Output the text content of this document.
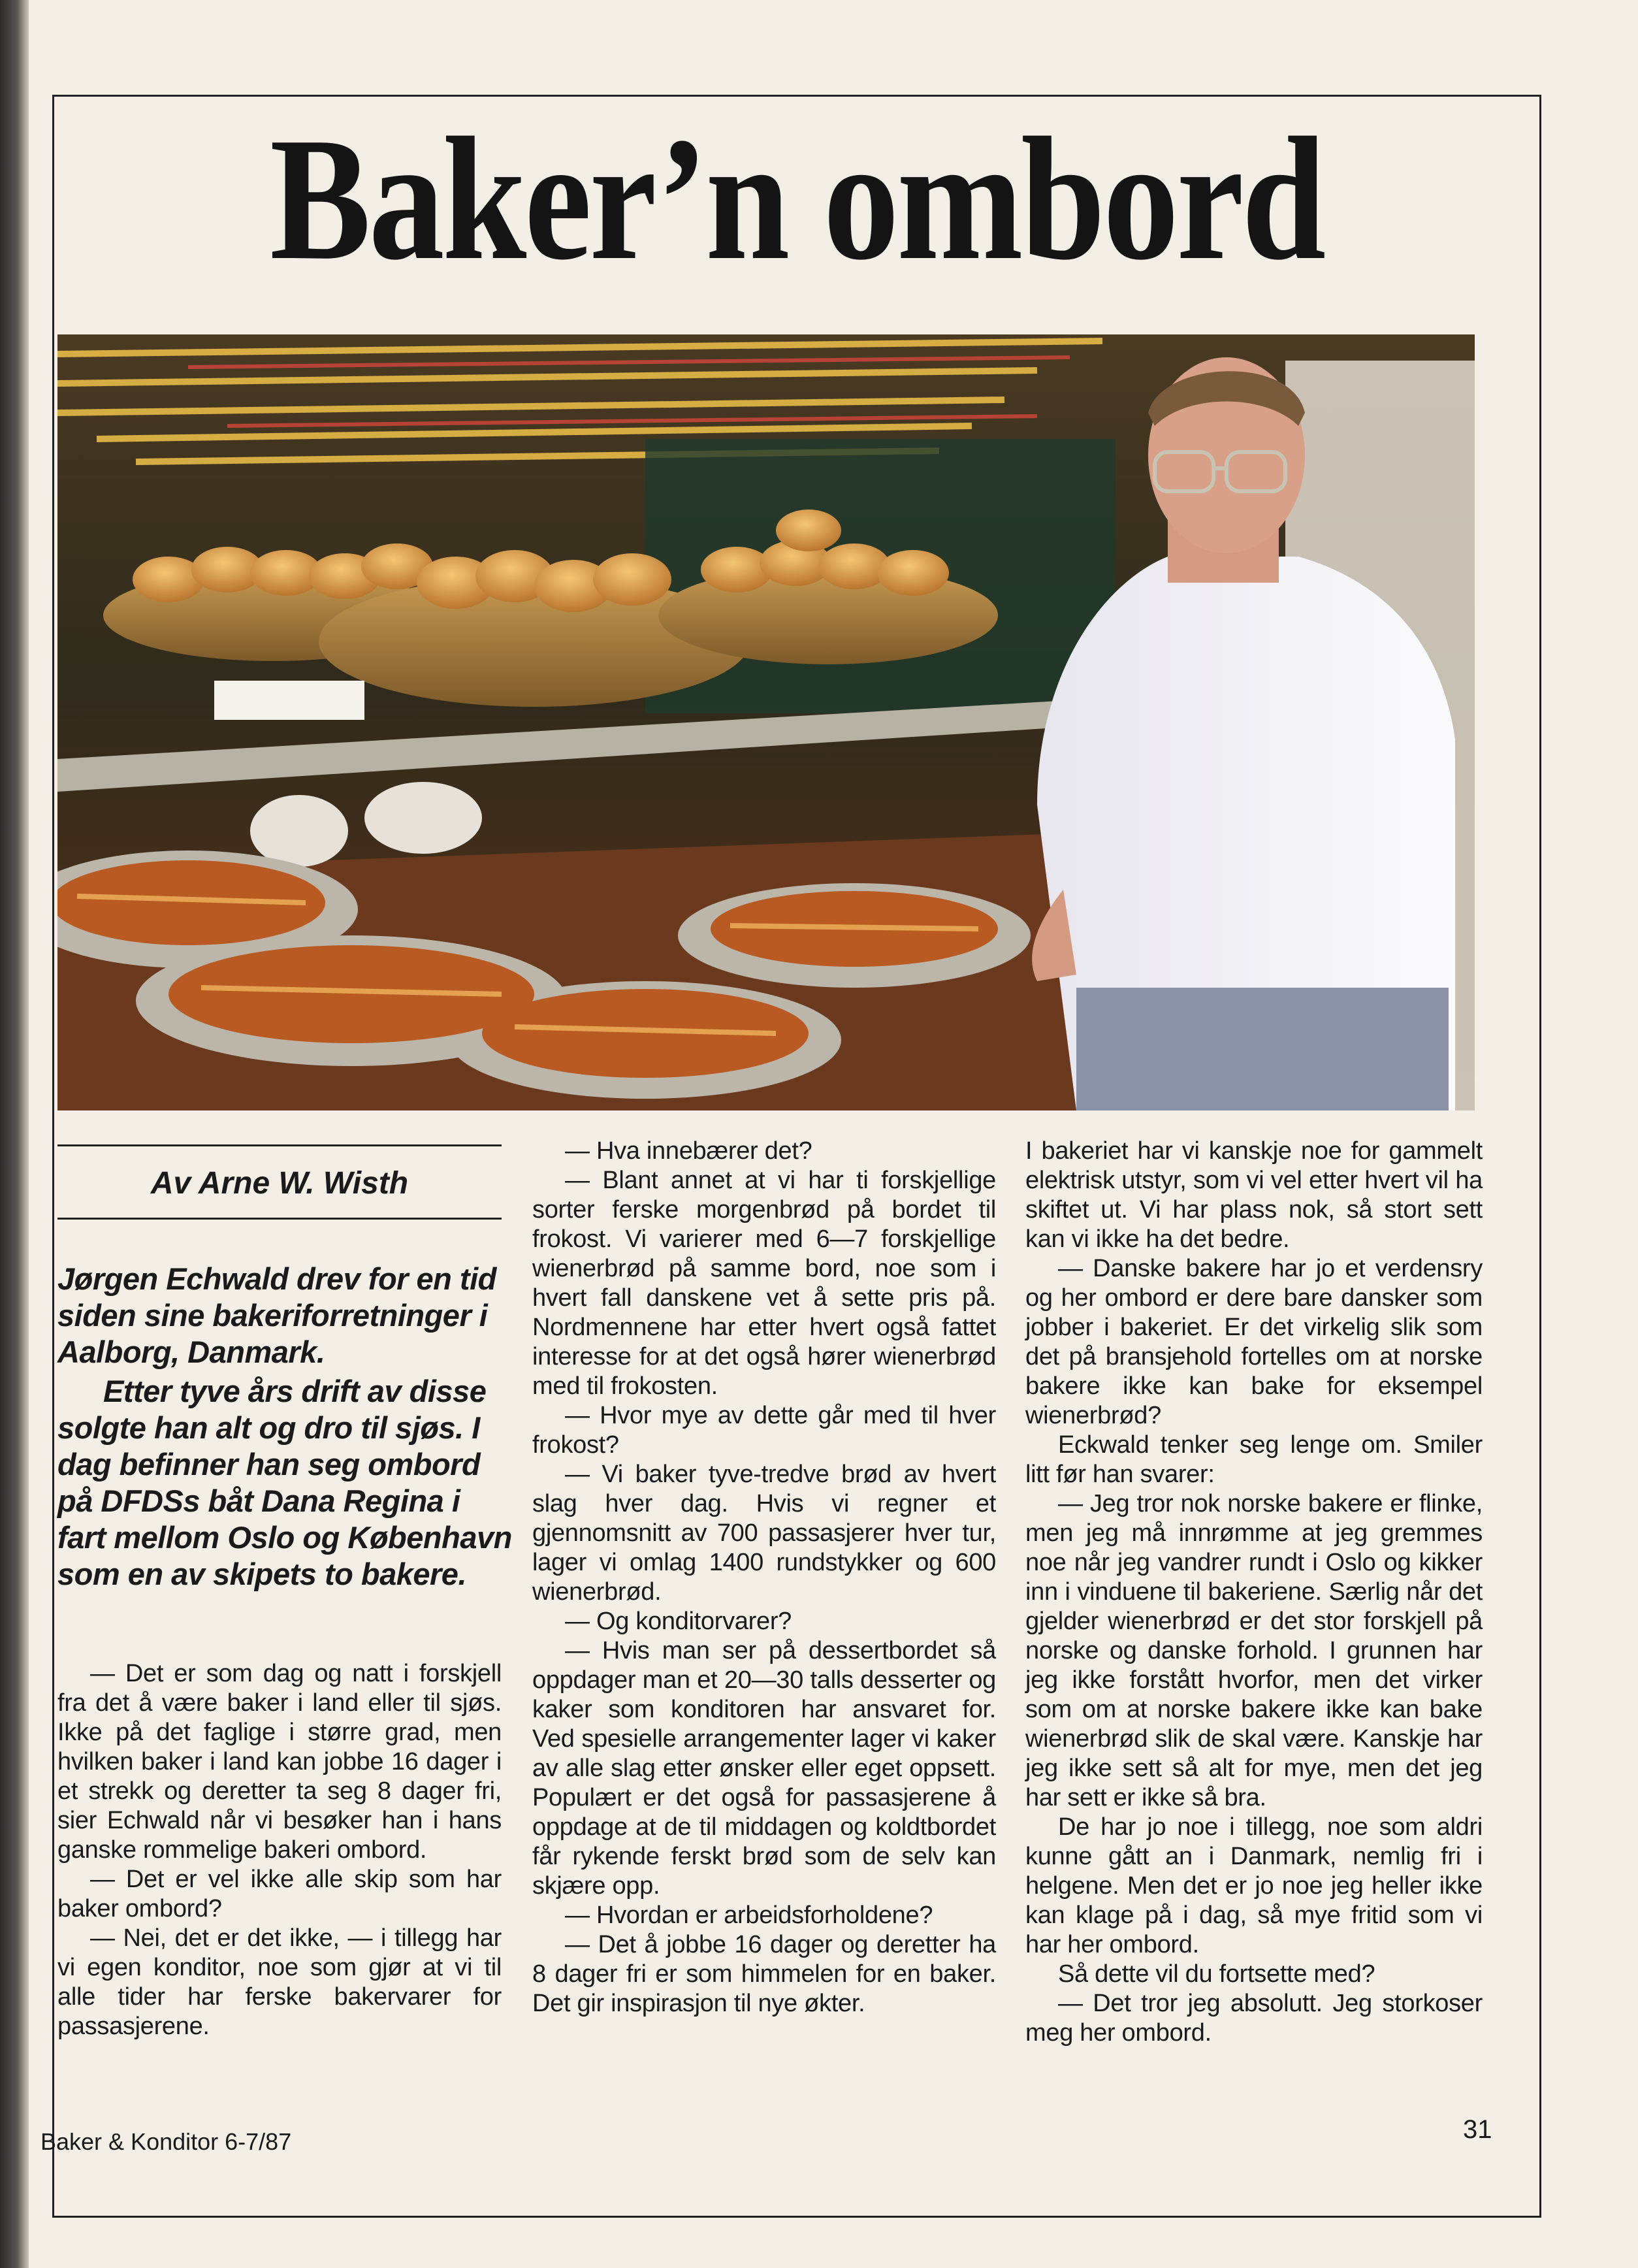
Baker’n ombord
Av Arne W. Wisth

Jørgen Echwald drev for en tid siden sine bakeriforretninger i Aalborg, Danmark.

Etter tyve års drift av disse solgte han alt og dro til sjøs. I dag befinner han seg ombord på DFDSs båt Dana Regina i fart mellom Oslo og København som en av skipets to bakere.

— Det er som dag og natt i forskjell fra det å være baker i land eller til sjøs. Ikke på det faglige i større grad, men hvilken baker i land kan jobbe 16 dager i et strekk og deretter ta seg 8 dager fri, sier Echwald når vi besøker han i hans ganske rommelige bakeri ombord.

— Det er vel ikke alle skip som har baker ombord?

— Nei, det er det ikke, — i tillegg har vi egen konditor, noe som gjør at vi til alle tider har ferske bakervarer for passasjerene.

— Hva innebærer det?

— Blant annet at vi har ti forskjellige sorter ferske morgenbrød på bordet til frokost. Vi varierer med 6—7 forskjellige wienerbrød på samme bord, noe som i hvert fall danskene vet å sette pris på. Nordmennene har etter hvert også fattet interesse for at det også hører wienerbrød med til frokosten.

— Hvor mye av dette går med til hver frokost?

— Vi baker tyve-tredve brød av hvert slag hver dag. Hvis vi regner et gjennomsnitt av 700 passasjerer hver tur, lager vi omlag 1400 rundstykker og 600 wienerbrød.

— Og konditorvarer?

— Hvis man ser på dessertbordet så oppdager man et 20—30 talls desserter og kaker som konditoren har ansvaret for. Ved spesielle arrangementer lager vi kaker av alle slag etter ønsker eller eget oppsett. Populært er det også for passasjerene å oppdage at de til middagen og koldtbordet får rykende ferskt brød som de selv kan skjære opp.

— Hvordan er arbeidsforholdene?

— Det å jobbe 16 dager og deretter ha 8 dager fri er som himmelen for en baker. Det gir inspirasjon til nye økter.

I bakeriet har vi kanskje noe for gammelt elektrisk utstyr, som vi vel etter hvert vil ha skiftet ut. Vi har plass nok, så stort sett kan vi ikke ha det bedre.

— Danske bakere har jo et verdensry og her ombord er dere bare dansker som jobber i bakeriet. Er det virkelig slik som det på bransjehold fortelles om at norske bakere ikke kan bake for eksempel wienerbrød?

Eckwald tenker seg lenge om. Smiler litt før han svarer:

— Jeg tror nok norske bakere er flinke, men jeg må innrømme at jeg gremmes noe når jeg vandrer rundt i Oslo og kikker inn i vinduene til bakeriene. Særlig når det gjelder wienerbrød er det stor forskjell på norske og danske forhold. I grunnen har jeg ikke forstått hvorfor, men det virker som om at norske bakere ikke kan bake wienerbrød slik de skal være. Kanskje har jeg ikke sett så alt for mye, men det jeg har sett er ikke så bra.

De har jo noe i tillegg, noe som aldri kunne gått an i Danmark, nemlig fri i helgene. Men det er jo noe jeg heller ikke kan klage på i dag, så mye fritid som vi har her ombord.

Så dette vil du fortsette med?

— Det tror jeg absolutt. Jeg storkoser meg her ombord.

Baker & Konditor 6-7/87	31
